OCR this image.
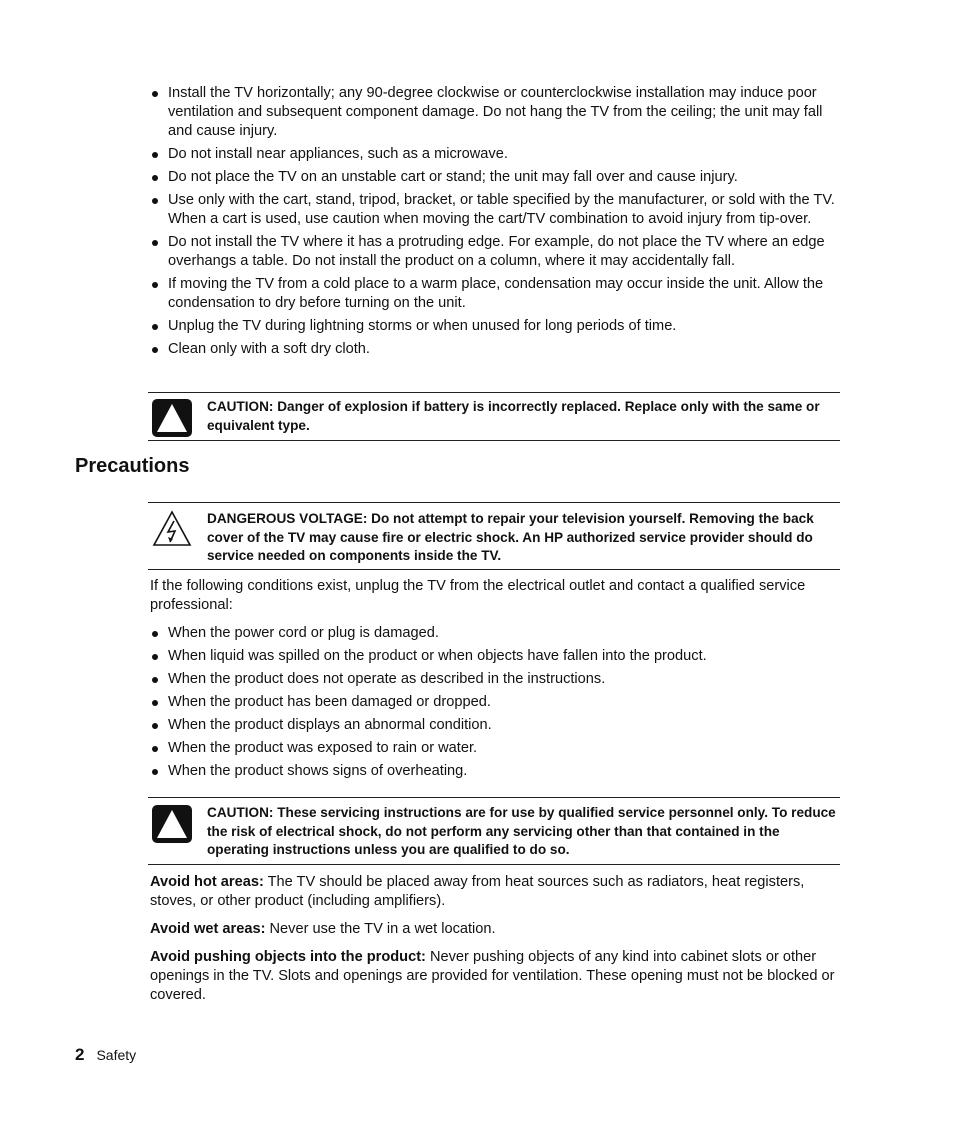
Install the TV horizontally; any 90-degree clockwise or counterclockwise installation may induce poor ventilation and subsequent component damage. Do not hang the TV from the ceiling; the unit may fall and cause injury.
Do not install near appliances, such as a microwave.
Do not place the TV on an unstable cart or stand; the unit may fall over and cause injury.
Use only with the cart, stand, tripod, bracket, or table specified by the manufacturer, or sold with the TV. When a cart is used, use caution when moving the cart/TV combination to avoid injury from tip-over.
Do not install the TV where it has a protruding edge. For example, do not place the TV where an edge overhangs a table. Do not install the product on a column, where it may accidentally fall.
If moving the TV from a cold place to a warm place, condensation may occur inside the unit. Allow the condensation to dry before turning on the unit.
Unplug the TV during lightning storms or when unused for long periods of time.
Clean only with a soft dry cloth.
CAUTION: Danger of explosion if battery is incorrectly replaced. Replace only with the same or equivalent type.
Precautions
DANGEROUS VOLTAGE: Do not attempt to repair your television yourself. Removing the back cover of the TV may cause fire or electric shock. An HP authorized service provider should do service needed on components inside the TV.

If the following conditions exist, unplug the TV from the electrical outlet and contact a qualified service professional:

When the power cord or plug is damaged.
When liquid was spilled on the product or when objects have fallen into the product.
When the product does not operate as described in the instructions.
When the product has been damaged or dropped.
When the product displays an abnormal condition.
When the product was exposed to rain or water.
When the product shows signs of overheating.
CAUTION: These servicing instructions are for use by qualified service personnel only. To reduce the risk of electrical shock, do not perform any servicing other than that contained in the operating instructions unless you are qualified to do so.

Avoid hot areas: The TV should be placed away from heat sources such as radiators, heat registers, stoves, or other product (including amplifiers).

Avoid wet areas: Never use the TV in a wet location.

Avoid pushing objects into the product: Never pushing objects of any kind into cabinet slots or other openings in the TV. Slots and openings are provided for ventilation. These opening must not be blocked or covered.

2 Safety
